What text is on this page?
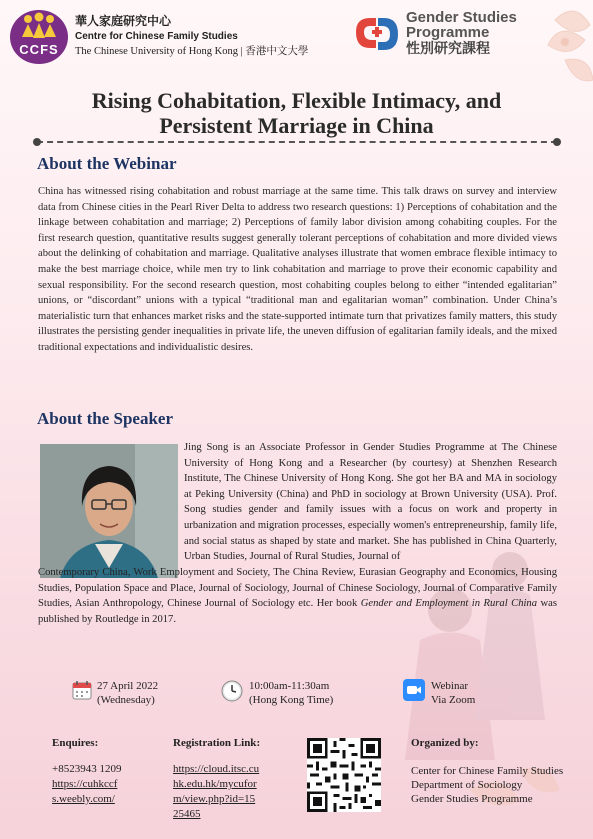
CCFS
華人家庭研究中心
Centre for Chinese Family Studies
The Chinese University of Hong Kong | 香港中文大學
Gender Studies
Programme
性別研究課程
Rising Cohabitation, Flexible Intimacy, and
Persistent Marriage in China
About the Webinar
China has witnessed rising cohabitation and robust marriage at the same time. This talk draws on survey and interview data from Chinese cities in the Pearl River Delta to address two research questions: 1) Perceptions of cohabitation and the linkage between cohabitation and marriage; 2) Perceptions of family labor division among cohabiting couples. For the first research question, quantitative results suggest generally tolerant perceptions of cohabitation and more divided views about the delinking of cohabitation and marriage. Qualitative analyses illustrate that women embrace flexible intimacy to make the best marriage choice, while men try to link cohabitation and marriage to prove their economic capability and sexual responsibility. For the second research question, most cohabiting couples belong to either “intended egalitarian” unions, or “discordant” unions with a typical “traditional man and egalitarian woman” combination. Under China’s materialistic turn that enhances market risks and the state-supported intimate turn that privatizes family matters, this study illustrates the persisting gender inequalities in private life, the uneven diffusion of egalitarian family ideals, and the mixed traditional expectations and individualistic desires.
About the Speaker
Jing Song is an Associate Professor in Gender Studies Programme at The Chinese University of Hong Kong and a Researcher (by courtesy) at Shenzhen Research Institute, The Chinese University of Hong Kong. She got her BA and MA in sociology at Peking University (China) and PhD in sociology at Brown University (USA). Prof. Song studies gender and family issues with a focus on work and property in urbanization and migration processes, especially women's entrepreneurship, family life, and social status as shaped by state and market. She has published in China Quarterly, Urban Studies, Journal of Rural Studies, Journal of
Contemporary China, Work Employment and Society, The China Review, Eurasian Geography and Economics, Housing Studies, Population Space and Place, Journal of Sociology, Journal of Chinese Sociology, Journal of Comparative Family Studies, Asian Anthropology, Chinese Journal of Sociology etc. Her book Gender and Employment in Rural China was published by Routledge in 2017.
27 April 2022
(Wednesday)
10:00am-11:30am
(Hong Kong Time)
Webinar
Via Zoom
Enquires:
+8523943 1209
https://cuhkccf
s.weebly.com/
Registration Link:
https://cloud.itsc.cu
hk.edu.hk/mycufor
m/view.php?id=15
25465
Organized by:
Center for Chinese Family Studies
Department of Sociology
Gender Studies Programme
